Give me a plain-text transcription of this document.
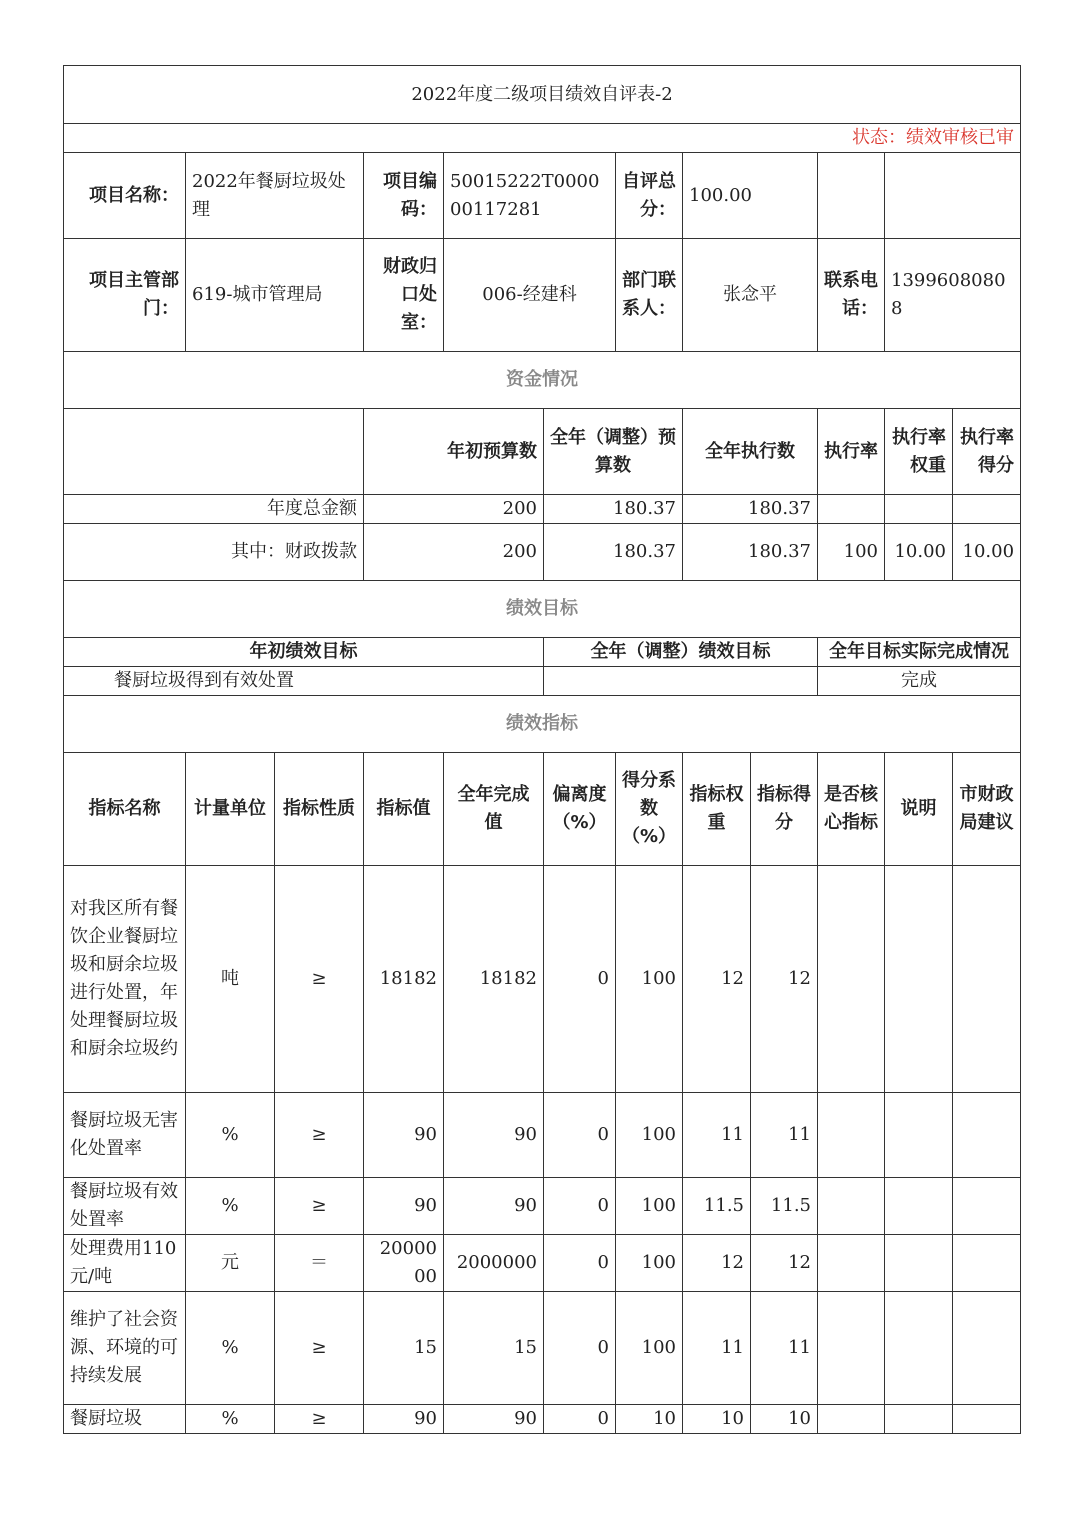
2022年度二级项目绩效自评表-2											
状态：绩效审核已审											
项目名称：	2022年餐厨垃圾处理		项目编码：	50015222T000000117281		自评总分：	100.00				
项目主管部门：	619-城市管理局		财政归口处室：	006-经建科		部门联系人：	张念平		联系电话：	13996080808	
资金情况											
			年初预算数		全年（调整）预算数		全年执行数		执行率	执行率权重	执行率得分
年度总金额			200		180.37		180.37				
其中：财政拨款			200		180.37		180.37		100	10.00	10.00
绩效目标											
年初绩效目标					全年（调整）绩效目标				全年目标实际完成情况		
餐厨垃圾得到有效处置									完成		
绩效指标											
指标名称	计量单位	指标性质	指标值	全年完成值	偏离度（%）	得分系数（%）	指标权重	指标得分	是否核心指标	说明	市财政局建议
对我区所有餐饮企业餐厨垃圾和厨余垃圾进行处置，年处理餐厨垃圾和厨余垃圾约	吨	≥	18182	18182	0	100	12	12			
餐厨垃圾无害化处置率	%	≥	90	90	0	100	11	11			
餐厨垃圾有效处置率	%	≥	90	90	0	100	11.5	11.5			
处理费用110元/吨	元	＝	2000000	2000000	0	100	12	12			
维护了社会资源、环境的可持续发展	%	≥	15	15	0	100	11	11			
餐厨垃圾	%	≥	90	90	0	10	10	10			
